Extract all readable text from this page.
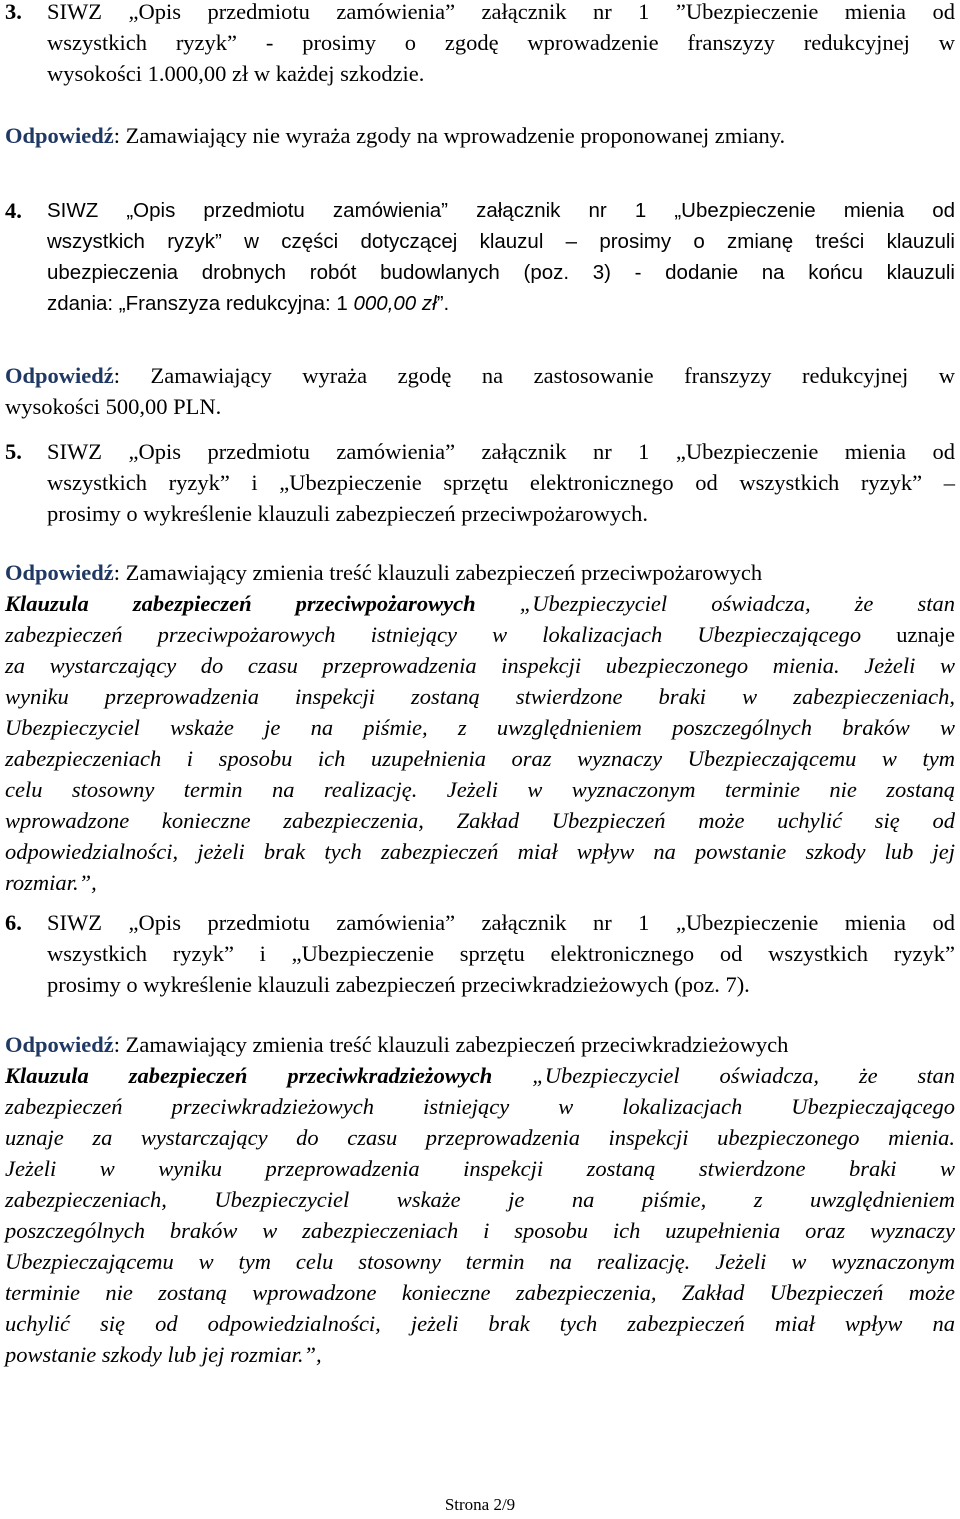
3. SIWZ „Opis przedmiotu zamówienia” załącznik nr 1 ”Ubezpieczenie mienia od
wszystkich ryzyk” - prosimy o zgodę wprowadzenie franszyzy redukcyjnej w
wysokości 1.000,00 zł w każdej szkodzie.
Odpowiedź: Zamawiający nie wyraża zgody na wprowadzenie proponowanej zmiany.
4. SIWZ „Opis przedmiotu zamówienia” załącznik nr 1 „Ubezpieczenie mienia od
wszystkich ryzyk” w części dotyczącej klauzul – prosimy o zmianę treści klauzuli
ubezpieczenia drobnych robót budowlanych (poz. 3) - dodanie na końcu klauzuli
zdania: „Franszyza redukcyjna: 1 000,00 zł”.
Odpowiedź: Zamawiający wyraża zgodę na zastosowanie franszyzy redukcyjnej w
wysokości 500,00 PLN.
5. SIWZ „Opis przedmiotu zamówienia” załącznik nr 1 „Ubezpieczenie mienia od
wszystkich ryzyk” i „Ubezpieczenie sprzętu elektronicznego od wszystkich ryzyk” –
prosimy o wykreślenie klauzuli zabezpieczeń przeciwpożarowych.
Odpowiedź: Zamawiający zmienia treść klauzuli zabezpieczeń przeciwpożarowych
Klauzula zabezpieczeń przeciwpożarowych „Ubezpieczyciel oświadcza, że stan
zabezpieczeń przeciwpożarowych istniejący w lokalizacjach Ubezpieczającego uznaje
za wystarczający do czasu przeprowadzenia inspekcji ubezpieczonego mienia. Jeżeli w
wyniku przeprowadzenia inspekcji zostaną stwierdzone braki w zabezpieczeniach,
Ubezpieczyciel wskaże je na piśmie, z uwzględnieniem poszczególnych braków w
zabezpieczeniach i sposobu ich uzupełnienia oraz wyznaczy Ubezpieczającemu w tym
celu stosowny termin na realizację. Jeżeli w wyznaczonym terminie nie zostaną
wprowadzone konieczne zabezpieczenia, Zakład Ubezpieczeń może uchylić się od
odpowiedzialności, jeżeli brak tych zabezpieczeń miał wpływ na powstanie szkody lub jej
rozmiar.”,
6. SIWZ „Opis przedmiotu zamówienia” załącznik nr 1 „Ubezpieczenie mienia od
wszystkich ryzyk” i „Ubezpieczenie sprzętu elektronicznego od wszystkich ryzyk”
prosimy o wykreślenie klauzuli zabezpieczeń przeciwkradzieżowych (poz. 7).
Odpowiedź: Zamawiający zmienia treść klauzuli zabezpieczeń przeciwkradzieżowych
Klauzula zabezpieczeń przeciwkradzieżowych „Ubezpieczyciel oświadcza, że stan
zabezpieczeń przeciwkradzieżowych istniejący w lokalizacjach Ubezpieczającego
uznaje za wystarczający do czasu przeprowadzenia inspekcji ubezpieczonego mienia.
Jeżeli w wyniku przeprowadzenia inspekcji zostaną stwierdzone braki w
zabezpieczeniach, Ubezpieczyciel wskaże je na piśmie, z uwzględnieniem
poszczególnych braków w zabezpieczeniach i sposobu ich uzupełnienia oraz wyznaczy
Ubezpieczającemu w tym celu stosowny termin na realizację. Jeżeli w wyznaczonym
terminie nie zostaną wprowadzone konieczne zabezpieczenia, Zakład Ubezpieczeń może
uchylić się od odpowiedzialności, jeżeli brak tych zabezpieczeń miał wpływ na
powstanie szkody lub jej rozmiar.”,
Strona 2/9
